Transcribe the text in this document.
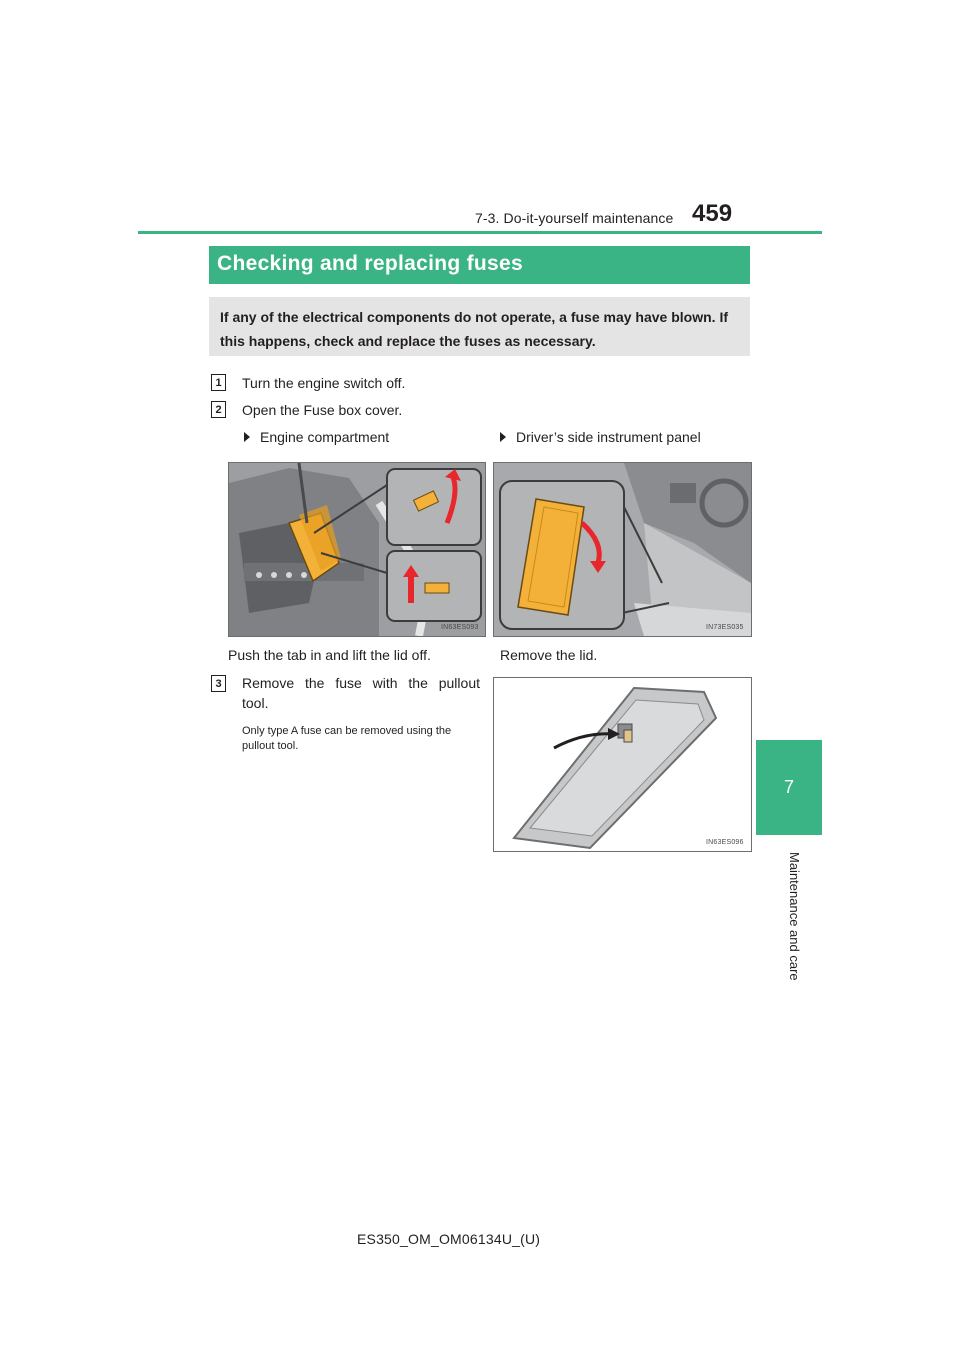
7-3. Do-it-yourself maintenance 459
7
Maintenance and care
Checking and replacing fuses
If any of the electrical components do not operate, a fuse may have blown. If this happens, check and replace the fuses as necessary.
1	Turn the engine switch off.
2	Open the Fuse box cover.
Engine compartment	Driver’s side instrument panel
IN63ES093	IN73ES035
Push the tab in and lift the lid off.	Remove the lid.
3	Remove the fuse with the pullout
tool.
Only type A fuse can be removed using the pullout tool.
IN63ES096
ES350_OM_OM06134U_(U)
